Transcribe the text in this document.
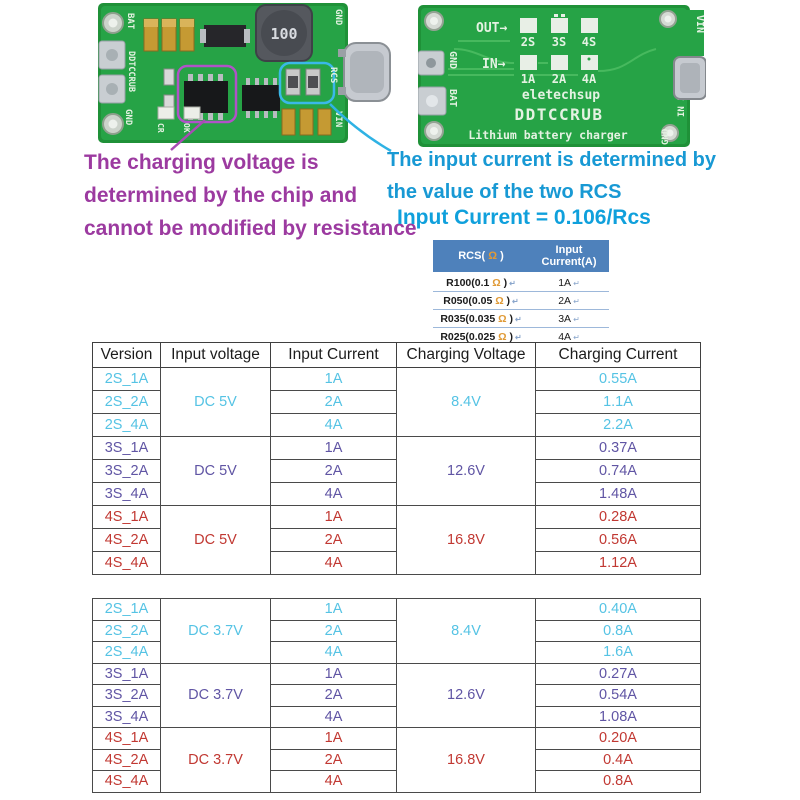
BAT
DDTCCRUB
GND
GND
VIN
100
RCS
CR OK
GND
BAT
OUT→
2S 3S 4S
IN→
1A 2A 4A
eletechsup
DDTCCRUB
Lithium battery charger
VIN
GND
The charging voltage is
determined by the chip and
cannot be modified by resistance
The input current is determined by
the value of the two RCS
Input Current = 0.106/Rcs
RCS( Ω )	Input Current(A)
R100(0.1 Ω ) ↵	1A ↵
R050(0.05 Ω ) ↵	2A ↵
R035(0.035 Ω ) ↵	3A ↵
R025(0.025 Ω ) ↵	4A ↵
Version	Input voltage	Input Current	Charging Voltage	Charging Current
2S_1A	DC 5V	1A	8.4V	0.55A
2S_2A		2A		1.1A
2S_4A		4A		2.2A
3S_1A	DC 5V	1A	12.6V	0.37A
3S_2A		2A		0.74A
3S_4A		4A		1.48A
4S_1A	DC 5V	1A	16.8V	0.28A
4S_2A		2A		0.56A
4S_4A		4A		1.12A
2S_1A	DC 3.7V	1A	8.4V	0.40A
2S_2A		2A		0.8A
2S_4A		4A		1.6A
3S_1A	DC 3.7V	1A	12.6V	0.27A
3S_2A		2A		0.54A
3S_4A		4A		1.08A
4S_1A	DC 3.7V	1A	16.8V	0.20A
4S_2A		2A		0.4A
4S_4A		4A		0.8A
